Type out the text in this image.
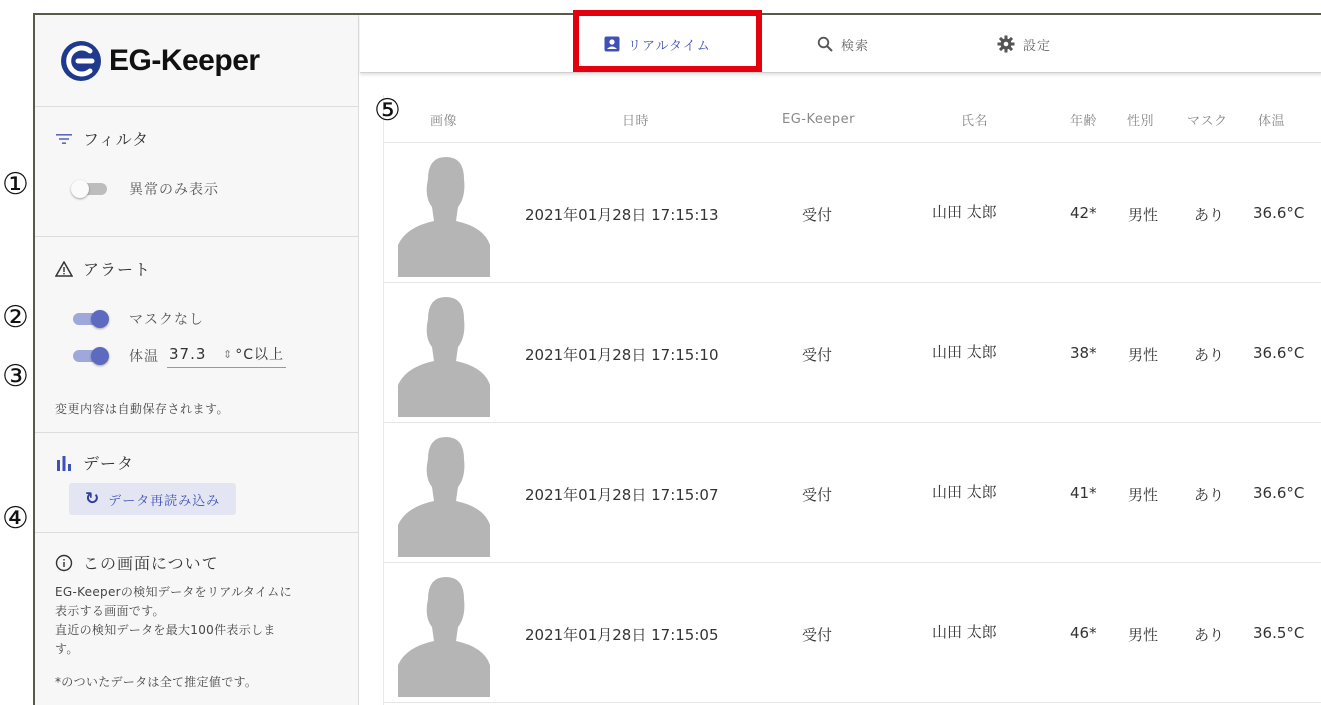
EG-Keeper
フィルタ
異常のみ表示
アラート
マスクなし
体温 37.3	⇕ °C以上
変更内容は自動保存されます。
データ
↻ データ再読み込み
この画面について
EG-Keeperの検知データをリアルタイムに
表示する画面です。
直近の検知データを最大100件表示しま
す。
*のついたデータは全て推定値です。
リアルタイム	検索	設定
画像	日時	EG-Keeper	氏名	年齢 性別	マスク 体温
2021年01月28日 17:15:13	受付	山田 太郎	42* 男性 あり 36.6°C
2021年01月28日 17:15:10	受付	山田 太郎	38* 男性 あり 36.6°C
2021年01月28日 17:15:07	受付	山田 太郎	41* 男性 あり 36.6°C
2021年01月28日 17:15:05	受付	山田 太郎	46* 男性 あり 36.5°C
①
②
③
④
⑤
